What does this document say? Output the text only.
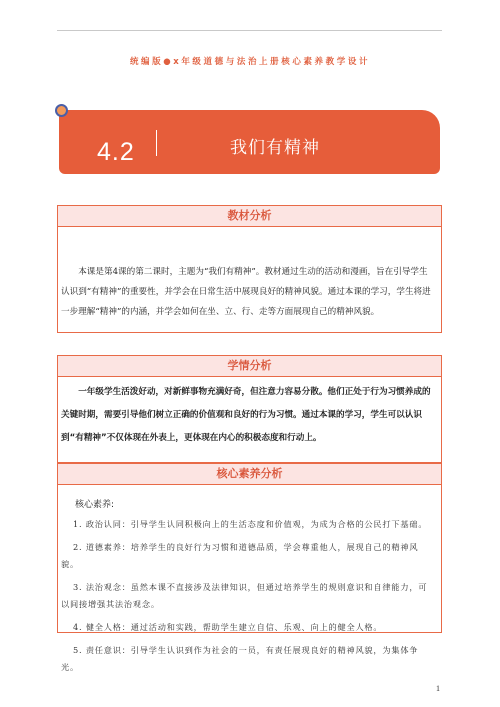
统编版●x年级道德与法治上册核心素养教学设计
4.2	我们有精神
教材分析
本课是第4课的第二课时，主题为“我们有精神”。教材通过生动的活动和漫画，旨在引导学生认识到“有精神”的重要性，并学会在日常生活中展现良好的精神风貌。通过本课的学习，学生将进一步理解“精神”的内涵，并学会如何在坐、立、行、走等方面展现自己的精神风貌。
学情分析
一年级学生活泼好动，对新鲜事物充满好奇，但注意力容易分散。他们正处于行为习惯养成的关键时期，需要引导他们树立正确的价值观和良好的行为习惯。通过本课的学习，学生可以认识到“有精神”不仅体现在外表上，更体现在内心的积极态度和行动上。
核心素养分析
核心素养:
1. 政治认同：引导学生认同积极向上的生活态度和价值观，为成为合格的公民打下基础。
2. 道德素养：培养学生的良好行为习惯和道德品质，学会尊重他人，展现自己的精神风貌。
3. 法治观念：虽然本课不直接涉及法律知识，但通过培养学生的规则意识和自律能力，可以间接增强其法治观念。
4. 健全人格：通过活动和实践，帮助学生建立自信、乐观、向上的健全人格。
5. 责任意识：引导学生认识到作为社会的一员，有责任展现良好的精神风貌，为集体争光。
1
